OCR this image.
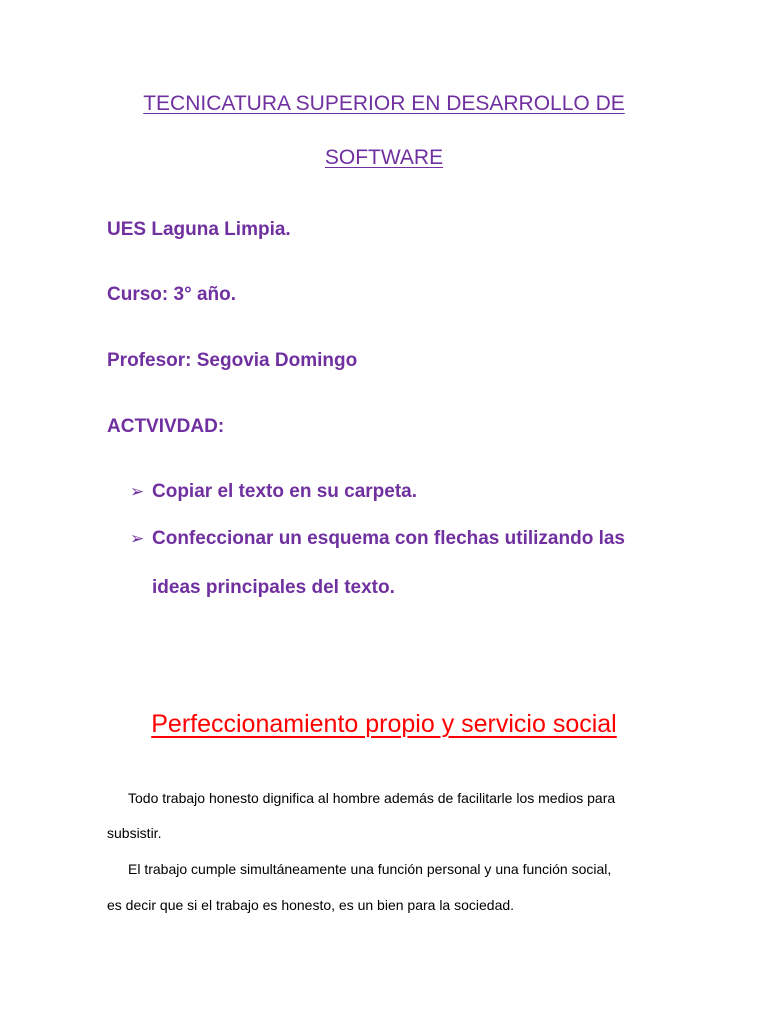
TECNICATURA SUPERIOR EN DESARROLLO DE
SOFTWARE
UES Laguna Limpia.
Curso: 3° año.
Profesor: Segovia Domingo
ACTVIVDAD:
➢ Copiar el texto en su carpeta.
➢ Confeccionar un esquema con flechas utilizando las
ideas principales del texto.
Perfeccionamiento propio y servicio social
Todo trabajo honesto dignifica al hombre además de facilitarle los medios para
subsistir.
El trabajo cumple simultáneamente una función personal y una función social,
es decir que si el trabajo es honesto, es un bien para la sociedad.
